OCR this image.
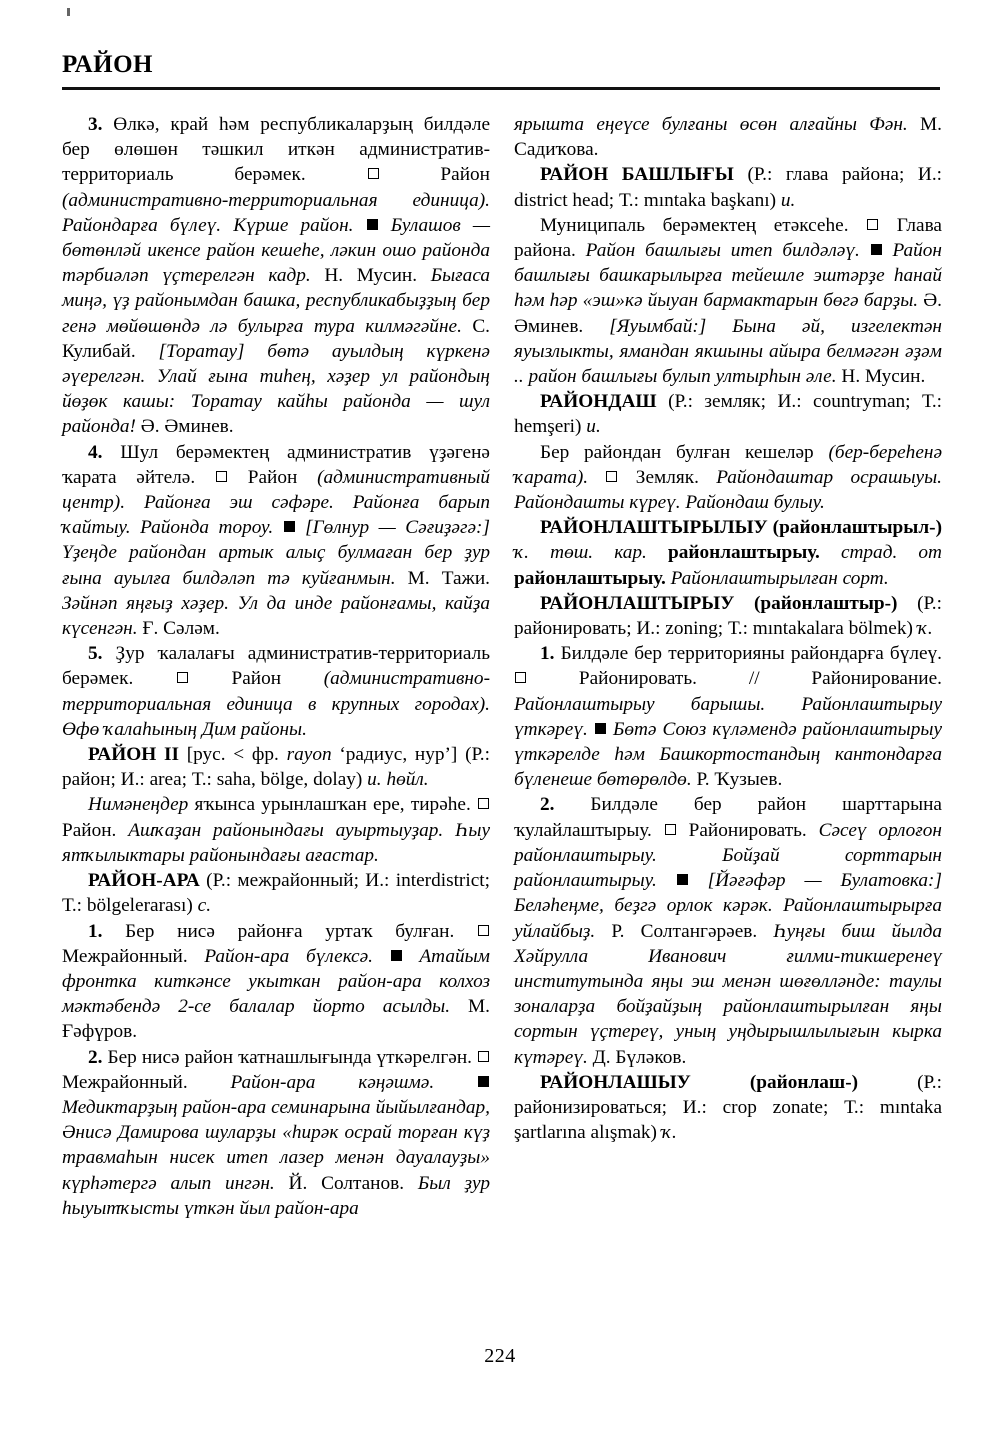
РАЙОН

3. Өлкә, край һәм республикаларҙың билдәле бер өлөшөн тәшкил иткән административ-территориаль берәмек.	Район (административно-территориальная единица). Райондарға бүлеү. Күрше район. Булашов — бөтөнләй икенсе район кешеһе, ләкин ошо районда тәрбиәләп үҫтерелгән кадр. Н. Мусин. Бығаса миңә, үҙ районымдан башка, республикабыҙҙың бер генә мөйөшөндә лә булырға тура килмәгәйне. С. Кулибай. [Торатау] бөтә ауылдың күркенә әүерелгән. Улай ғына тиһең, хәҙер ул райондың йөҙөк кашы: Торатау кайһы районда — шул районда! Ә. Әминев.

4. Шул берәмектең административ үҙәгенә ҡарата әйтелә.  Район (административный центр). Районға эш сәфәре. Районға барып ҡайтыу. Районда тороу. [Гөлнур — Сәғиҙәгә:] Үҙеңде райондан артык алыҫ булмаған бер ҙур ғына ауылға билдәләп тә куйғанмын. М. Тажи. Зәйнәп яңғыҙ хәҙер. Ул да инде районғамы, кайҙа күсенгән. Ғ. Сәләм.

5. Ҙур ҡалалағы административ-территориаль берәмек.	Район (административно-территориальная единица в крупных городах). Өфө ҡалаһының Дим районы.

РАЙОН II [рус. < фр. rayon ‘радиус, нур’] (Р.: район; И.: area; Т.: saha, bölge, dolay) и. һөйл.

Нимәнеңдер яҡынса урынлашҡан ере, тирәһе.  Район. Ашҡаҙан районындағы ауыртыуҙар. Һыу ятҡылыктары районындағы ағастар.

РАЙОН-АРА (Р.: межрайонный; И.: interdistrict; Т.: bölgelerarası) с.

1. Бер нисә районға уртаҡ булған.  Межрайонный. Район-ара бүлексә. Атайым фронтка киткәнсе укыткан район-ара колхоз мәктәбендә 2-се балалар йорто асылды. М. Ғәфүров.

2. Бер нисә район ҡатнашлығында үткәрелгән.  Межрайонный. Район-ара кәңәшмә.  Медиктарҙың район-ара семинарына йыйылғандар, Әнисә Дамирова шуларҙы «һирәк осрай торған күҙ травмаһын нисек итеп лазер менән дауалауҙы» күрһәтергә алып ингән. Й. Солтанов. Был ҙур һыуытҡысты үткән йыл район-ара

ярышта еңеүсе булғаны өсөн алғайны Фән. М. Садиҡова.

РАЙОН БАШЛЫҒЫ (Р.: глава района; И.: district head; Т.: mıntaka başkanı) и.

Муниципаль берәмектең етәксеһе.  Глава района. Район башлығы итеп билдәләү. Район башлығы башкарылырға тейешле эштәрҙе һанай һәм һәр «эш»кә йыуан бармактарын бөгә барҙы. Ә. Әминев. [Яуымбай:] Бына әй, изгелектән яуызлыкты, ямандан якшыны айыра белмәгән әҙәм .. район башлығы булып ултырһын әле. Н. Мусин.

РАЙОНДАШ (Р.: земляк; И.: countryman; Т.: hemşeri) и.

Бер райондан булған кешеләр (бер-береһенә ҡарата).  Земляк. Райондаштар осрашыуы. Райондашты күреү. Райондаш булыу.

РАЙОНЛАШТЫРЫЛЫУ (районлаштырыл-) ҡ. төш. кар. районлаштырыу. страд. от районлаштырыу. Районлаштырылған сорт.

РАЙОНЛАШТЫРЫУ (районлаштыр-) (Р.: районировать; И.: zoning; Т.: mıntakalara bölmek) ҡ.

1. Билдәле бер территорияны райондарға бүлеү.  Районировать. // Районирование. Районлаштырыу барышы. Районлаштырыу үткәреү. Бөтә Союз күләмендә районлаштырыу үткәрелде һәм Башкортостандың кантондарға бүленеше бөтөрөлдө. Р. Ҡузыев.

2. Билдәле бер район шарттарына ҡулайлаштырыу.  Районировать. Сәсеү орлоғон районлаштырыу. Бойҙай сорттарын районлаштырыу.	[Йәғәфәр — Булатовка:] Беләһеңме, беҙгә орлок кәрәк. Районлаштырырға уйлайбыҙ. Р. Солтангәрәев. Һуңғы биш йылда Хәйрулла Иванович ғилми-тикшеренеү институтында яңы эш менән шөғөлләнде: таулы зоналарҙа бойҙайҙың районлаштырылған яңы сортын үҫтереү, уның уңдырышлылығын кырка күтәреү. Д. Бүләков.

РАЙОНЛАШЫУ	(районлаш-)	(Р.: районизироваться; И.: crop zonate; Т.: mıntaka şartlarına alışmak) ҡ.

224
